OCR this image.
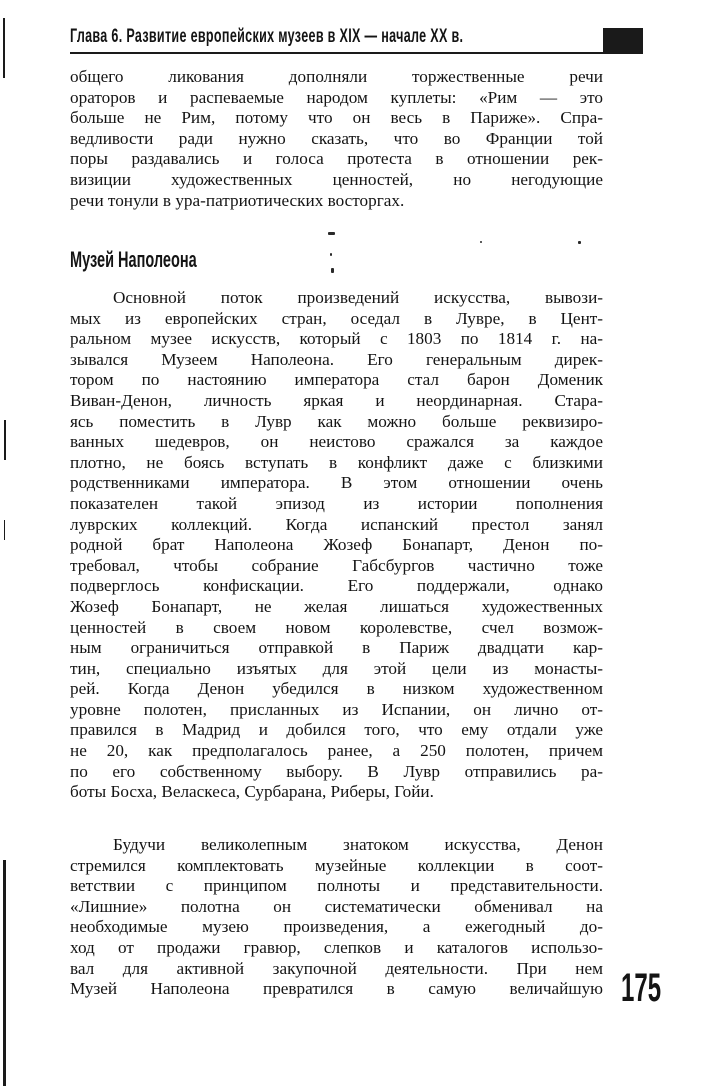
Глава 6. Развитие европейских музеев в XIX — начале XX в.
общего ликования дополняли торжественные речи
ораторов и распеваемые народом куплеты: «Рим — это
больше не Рим, потому что он весь в Париже». Спра-
ведливости ради нужно сказать, что во Франции той
поры раздавались и голоса протеста в отношении рек-
визиции художественных ценностей, но негодующие
речи тонули в ура-патриотических восторгах.
Музей Наполеона
Основной поток произведений искусства, вывози-
мых из европейских стран, оседал в Лувре, в Цент-
ральном музее искусств, который с 1803 по 1814 г. на-
зывался Музеем Наполеона. Его генеральным дирек-
тором по настоянию императора стал барон Доменик
Виван-Денон, личность яркая и неординарная. Стара-
ясь поместить в Лувр как можно больше реквизиро-
ванных шедевров, он неистово сражался за каждое
плотно, не боясь вступать в конфликт даже с близкими
родственниками императора. В этом отношении очень
показателен такой эпизод из истории пополнения
луврских коллекций. Когда испанский престол занял
родной брат Наполеона Жозеф Бонапарт, Денон по-
требовал, чтобы собрание Габсбургов частично тоже
подверглось конфискации. Его поддержали, однако
Жозеф Бонапарт, не желая лишаться художественных
ценностей в своем новом королевстве, счел возмож-
ным ограничиться отправкой в Париж двадцати кар-
тин, специально изъятых для этой цели из монасты-
рей. Когда Денон убедился в низком художественном
уровне полотен, присланных из Испании, он лично от-
правился в Мадрид и добился того, что ему отдали уже
не 20, как предполагалось ранее, а 250 полотен, причем
по его собственному выбору. В Лувр отправились ра-
боты Босха, Веласкеса, Сурбарана, Риберы, Гойи.
Будучи великолепным знатоком искусства, Денон
стремился комплектовать музейные коллекции в соот-
ветствии с принципом полноты и представительности.
«Лишние» полотна он систематически обменивал на
необходимые музею произведения, а ежегодный до-
ход от продажи гравюр, слепков и каталогов использо-
вал для активной закупочной деятельности. При нем
Музей Наполеона превратился в самую величайшую 175
